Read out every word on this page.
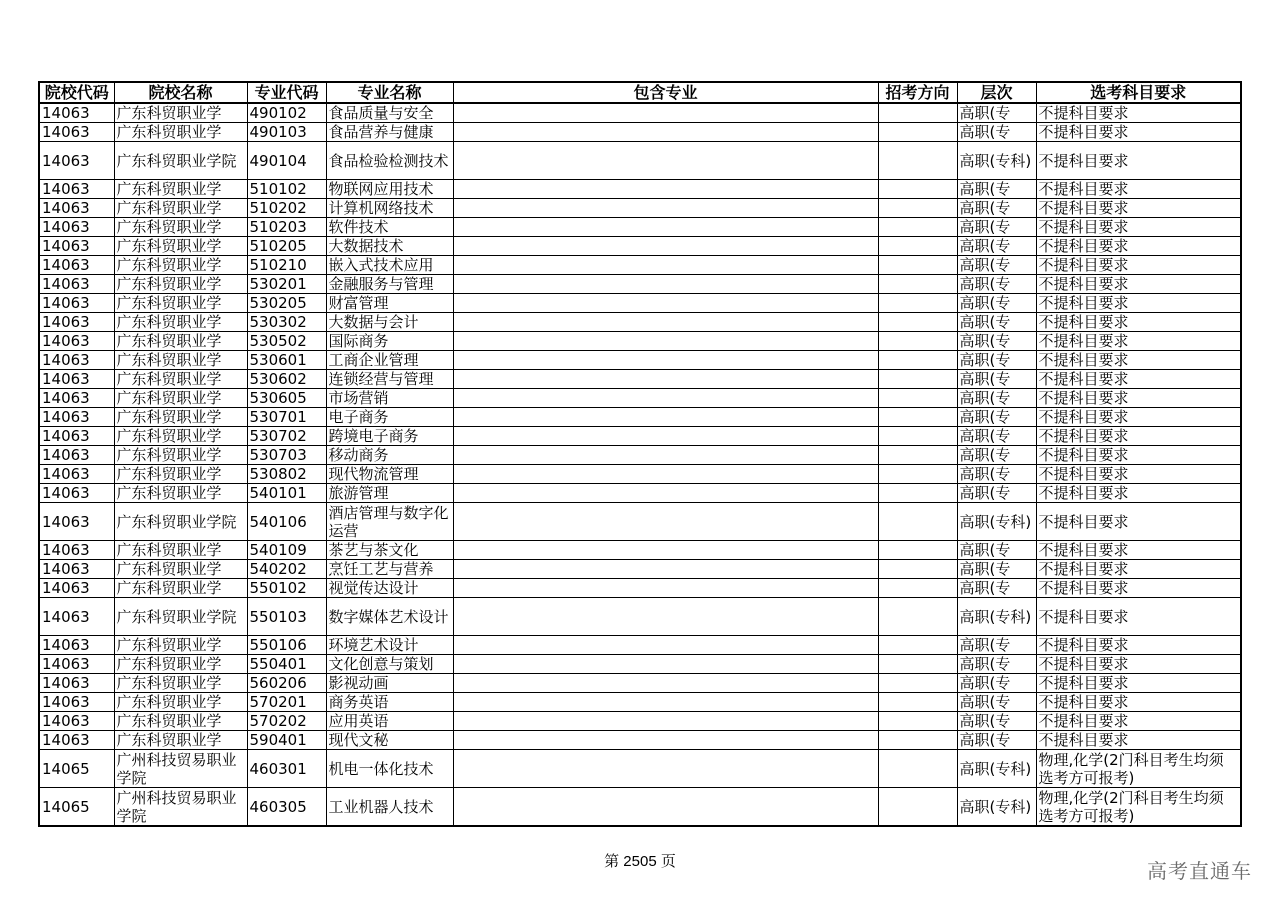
院校代码	院校名称	专业代码	专业名称	包含专业	招考方向	层次	选考科目要求
14063	广东科贸职业学	490102	食品质量与安全			高职(专	不提科目要求
14063	广东科贸职业学	490103	食品营养与健康			高职(专	不提科目要求
14063	广东科贸职业学院	490104	食品检验检测技术			高职(专科)	不提科目要求
14063	广东科贸职业学	510102	物联网应用技术			高职(专	不提科目要求
14063	广东科贸职业学	510202	计算机网络技术			高职(专	不提科目要求
14063	广东科贸职业学	510203	软件技术			高职(专	不提科目要求
14063	广东科贸职业学	510205	大数据技术			高职(专	不提科目要求
14063	广东科贸职业学	510210	嵌入式技术应用			高职(专	不提科目要求
14063	广东科贸职业学	530201	金融服务与管理			高职(专	不提科目要求
14063	广东科贸职业学	530205	财富管理			高职(专	不提科目要求
14063	广东科贸职业学	530302	大数据与会计			高职(专	不提科目要求
14063	广东科贸职业学	530502	国际商务			高职(专	不提科目要求
14063	广东科贸职业学	530601	工商企业管理			高职(专	不提科目要求
14063	广东科贸职业学	530602	连锁经营与管理			高职(专	不提科目要求
14063	广东科贸职业学	530605	市场营销			高职(专	不提科目要求
14063	广东科贸职业学	530701	电子商务			高职(专	不提科目要求
14063	广东科贸职业学	530702	跨境电子商务			高职(专	不提科目要求
14063	广东科贸职业学	530703	移动商务			高职(专	不提科目要求
14063	广东科贸职业学	530802	现代物流管理			高职(专	不提科目要求
14063	广东科贸职业学	540101	旅游管理			高职(专	不提科目要求
14063	广东科贸职业学院	540106	酒店管理与数字化运营			高职(专科)	不提科目要求
14063	广东科贸职业学	540109	茶艺与茶文化			高职(专	不提科目要求
14063	广东科贸职业学	540202	烹饪工艺与营养			高职(专	不提科目要求
14063	广东科贸职业学	550102	视觉传达设计			高职(专	不提科目要求
14063	广东科贸职业学院	550103	数字媒体艺术设计			高职(专科)	不提科目要求
14063	广东科贸职业学	550106	环境艺术设计			高职(专	不提科目要求
14063	广东科贸职业学	550401	文化创意与策划			高职(专	不提科目要求
14063	广东科贸职业学	560206	影视动画			高职(专	不提科目要求
14063	广东科贸职业学	570201	商务英语			高职(专	不提科目要求
14063	广东科贸职业学	570202	应用英语			高职(专	不提科目要求
14063	广东科贸职业学	590401	现代文秘			高职(专	不提科目要求
14065	广州科技贸易职业学院	460301	机电一体化技术			高职(专科)	物理,化学(2门科目考生均须选考方可报考)
14065	广州科技贸易职业学院	460305	工业机器人技术			高职(专科)	物理,化学(2门科目考生均须选考方可报考)
第 2505 页	高考直通车
